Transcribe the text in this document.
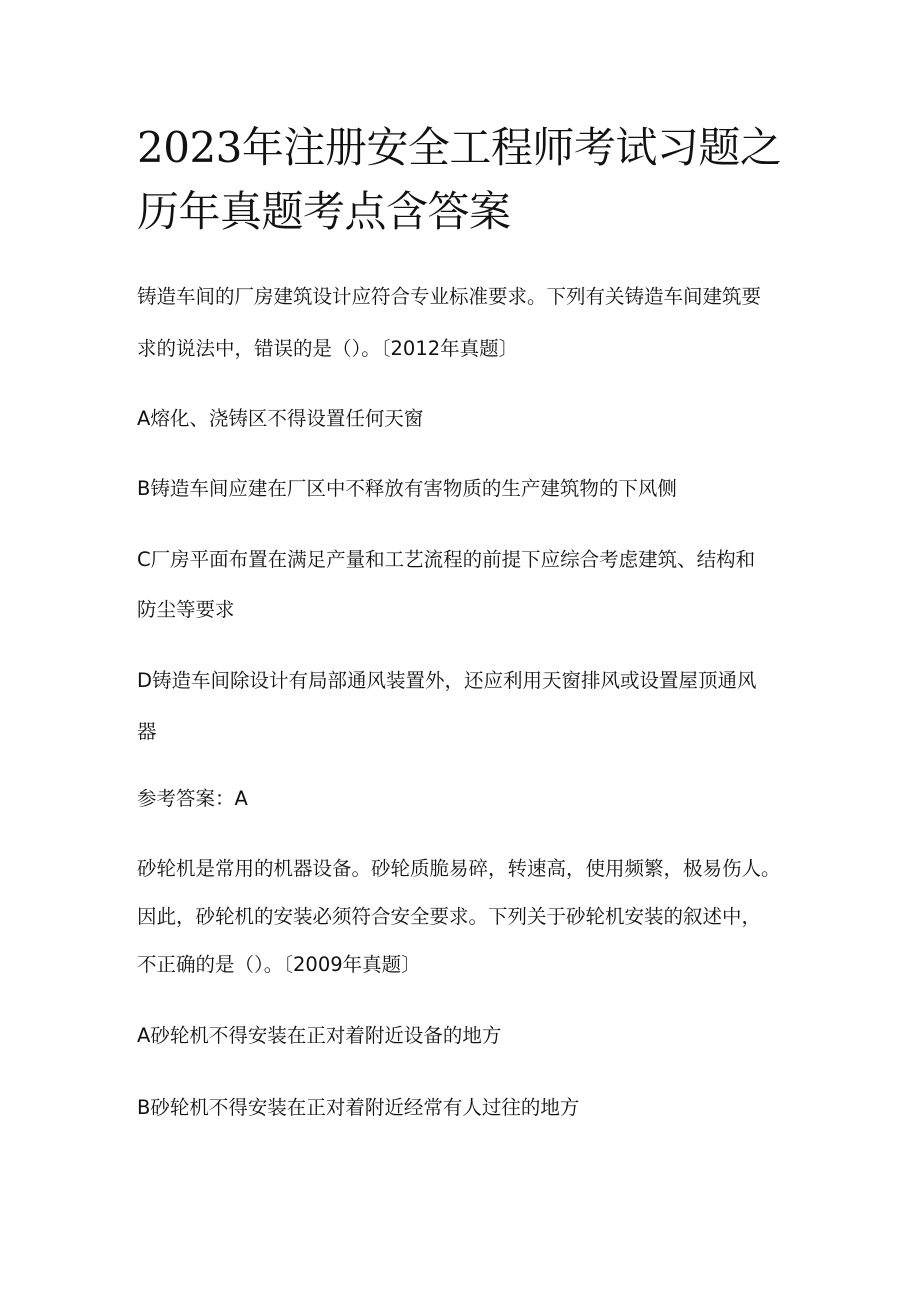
2023年注册安全工程师考试习题之
历年真题考点含答案
铸造车间的厂房建筑设计应符合专业标准要求。下列有关铸造车间建筑要
求的说法中，错误的是（）。〔2012年真题〕
A熔化、浇铸区不得设置任何天窗
B铸造车间应建在厂区中不释放有害物质的生产建筑物的下风侧
C厂房平面布置在满足产量和工艺流程的前提下应综合考虑建筑、结构和
防尘等要求
D铸造车间除设计有局部通风装置外，还应利用天窗排风或设置屋顶通风
器
参考答案：A
砂轮机是常用的机器设备。砂轮质脆易碎，转速高，使用频繁，极易伤人。
因此，砂轮机的安装必须符合安全要求。下列关于砂轮机安装的叙述中，
不正确的是（）。〔2009年真题〕
A砂轮机不得安装在正对着附近设备的地方
B砂轮机不得安装在正对着附近经常有人过往的地方
